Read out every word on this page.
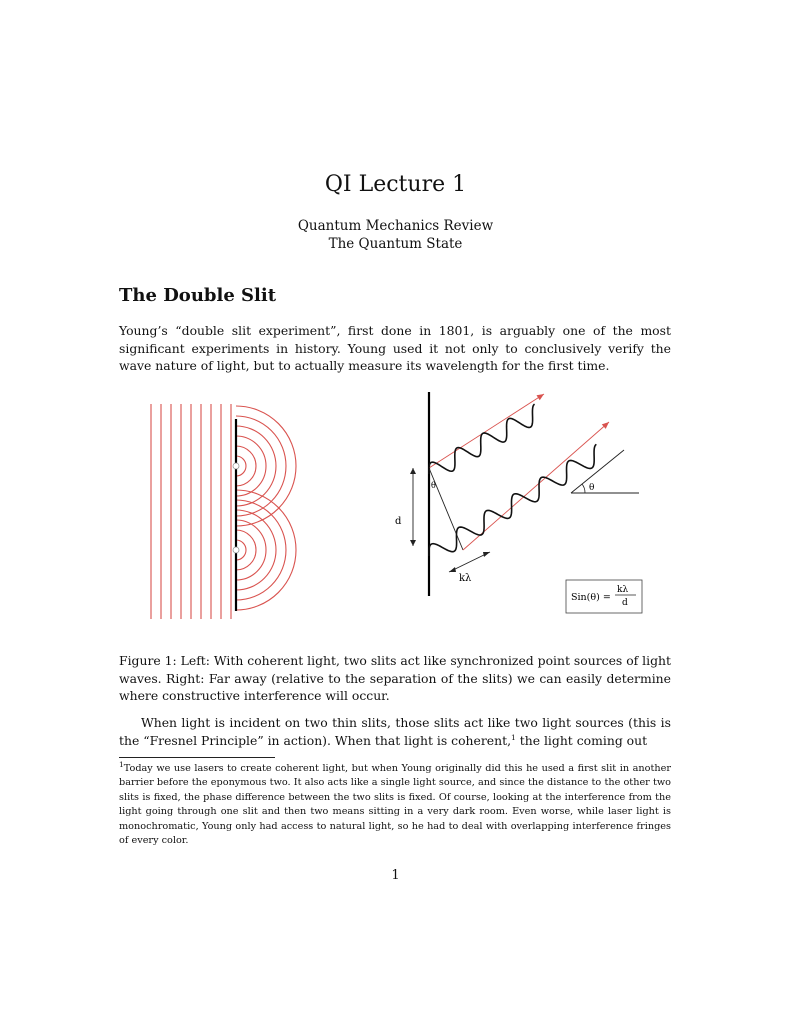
QI Lecture 1
Quantum Mechanics Review
The Quantum State
The Double Slit
Young’s “double slit experiment”, first done in 1801, is arguably one of the most significant experiments in history. Young used it not only to conclusively verify the wave nature of light, but to actually measure its wavelength for the first time.
d
θ
kλ
θ
Sin(θ) =
kλ
d
Figure 1: Left: With coherent light, two slits act like synchronized point sources of light waves. Right: Far away (relative to the separation of the slits) we can easily determine where constructive interference will occur.
When light is incident on two thin slits, those slits act like two light sources (this is the “Fresnel Principle” in action). When that light is coherent,$^1$ the light coming out
$^1$Today we use lasers to create coherent light, but when Young originally did this he used a first slit in another barrier before the eponymous two. It also acts like a single light source, and since the distance to the other two slits is fixed, the phase difference between the two slits is fixed. Of course, looking at the interference from the light going through one slit and then two means sitting in a very dark room. Even worse, while laser light is monochromatic, Young only had access to natural light, so he had to deal with overlapping interference fringes of every color.
1
